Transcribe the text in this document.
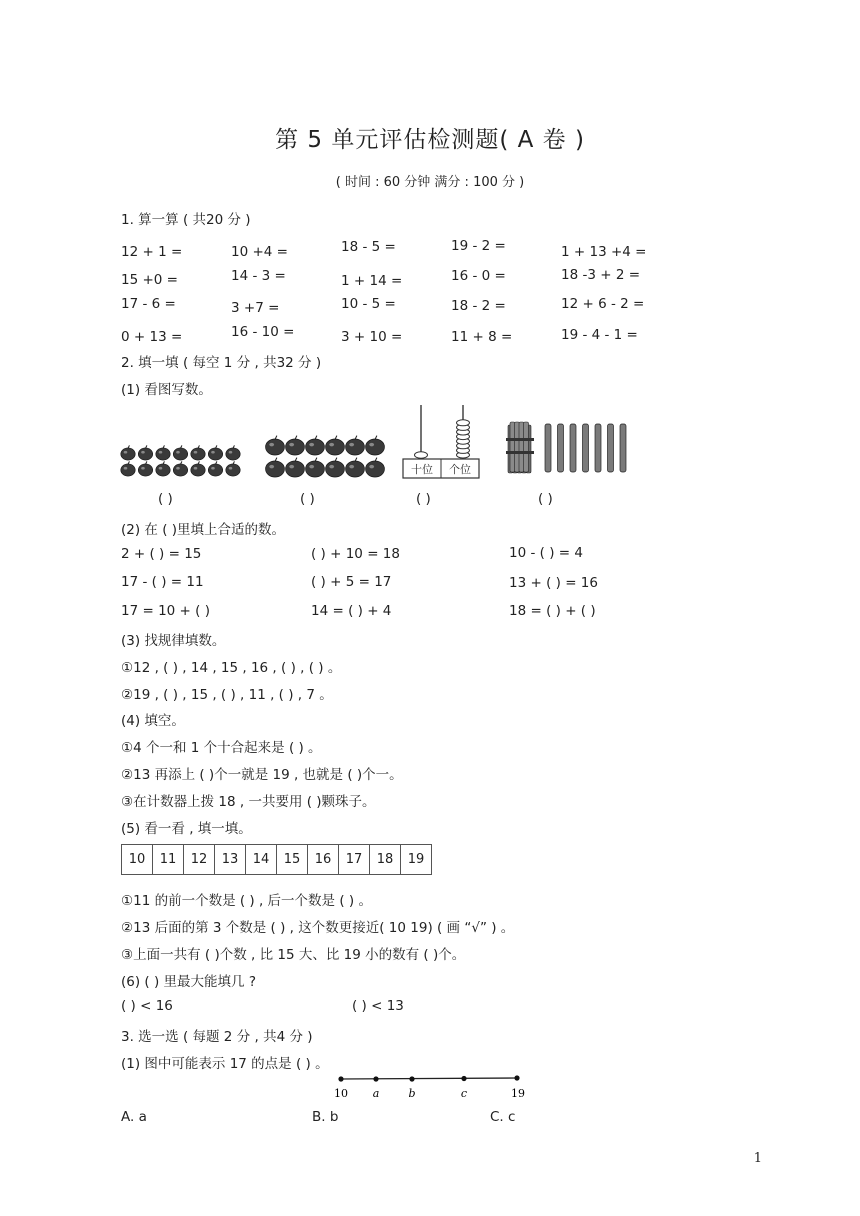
第 5 单元评估检测题( A 卷 )
( 时间 : 60 分钟 满分 : 100 分 )
1. 算一算 ( 共20 分 )
12 + 1 =	10 +4 =	18 - 5 =	19 - 2 =	1 + 13 +4 =
15 +0 =	14 - 3 =	1 + 14 =	16 - 0 =	18 -3 + 2 =
17 - 6 =	3 +7 =	10 - 5 =	18 - 2 =	12 + 6 - 2 =
0 + 13 =	16 - 10 =	3 + 10 =	11 + 8 =	19 - 4 - 1 =
2. 填一填 ( 每空 1 分 , 共32 分 )
(1) 看图写数。
十位 个位
( )	( )	( )	( )
(2) 在 ( )里填上合适的数。
2 + ( ) = 15	( ) + 10 = 18	10 - ( ) = 4
17 - ( ) = 11	( ) + 5 = 17	13 + ( ) = 16
17 = 10 + ( )	14 = ( ) + 4	18 = ( ) + ( )
(3) 找规律填数。
①12 , ( ) , 14 , 15 , 16 , ( ) , ( ) 。
②19 , ( ) , 15 , ( ) , 11 , ( ) , 7 。
(4) 填空。
①4 个一和 1 个十合起来是 ( ) 。
②13 再添上 ( )个一就是 19 , 也就是 ( )个一。
③在计数器上拨 18 , 一共要用 ( )颗珠子。
(5) 看一看 , 填一填。
10	11	12	13	14	15	16	17	18	19
①11 的前一个数是 ( ) , 后一个数是 ( ) 。
②13 后面的第 3 个数是 ( ) , 这个数更接近( 10 19) ( 画 “√” ) 。
③上面一共有 ( )个数 , 比 15 大、比 19 小的数有 ( )个。
(6) ( ) 里最大能填几 ?
( ) < 16	( ) < 13
3. 选一选 ( 每题 2 分 , 共4 分 )
(1) 图中可能表示 17 的点是 ( ) 。
10 a	b	c	19
A. a	B. b	C. c
1
